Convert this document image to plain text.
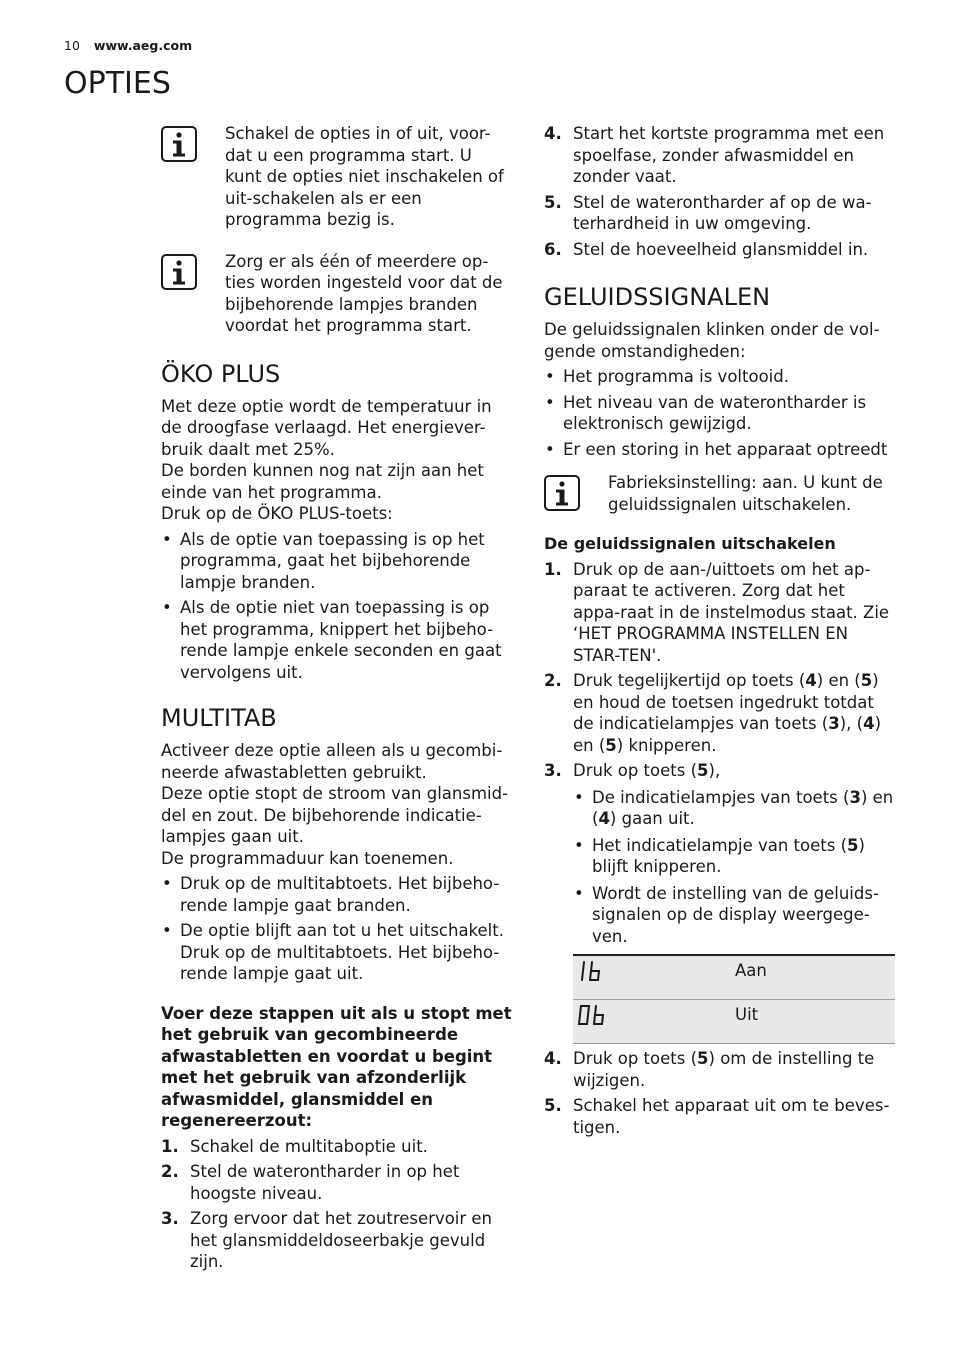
10 www.aeg.com
OPTIES

Schakel de opties in of uit, voor-dat u een programma start. U kunt de opties niet inschakelen of uit-schakelen als er een programma bezig is.

Zorg er als één of meerdere op-ties worden ingesteld voor dat de bijbehorende lampjes branden voordat het programma start.

ÖKO PLUS

Met deze optie wordt de temperatuur in de droogfase verlaagd. Het energiever-bruik daalt met 25%.

De borden kunnen nog nat zijn aan het einde van het programma.

Druk op de ÖKO PLUS-toets:

• Als de optie van toepassing is op het programma, gaat het bijbehorende lampje branden.
• Als de optie niet van toepassing is op het programma, knippert het bijbeho-rende lampje enkele seconden en gaat vervolgens uit.
MULTITAB

Activeer deze optie alleen als u gecombi-neerde afwastabletten gebruikt.

Deze optie stopt de stroom van glansmid-del en zout. De bijbehorende indicatie-lampjes gaan uit.

De programmaduur kan toenemen.

• Druk op de multitabtoets. Het bijbeho-rende lampje gaat branden.
• De optie blijft aan tot u het uitschakelt. Druk op de multitabtoets. Het bijbeho-rende lampje gaat uit.

Voer deze stappen uit als u stopt met het gebruik van gecombineerde afwastabletten en voordat u begint met het gebruik van afzonderlijk afwasmiddel, glansmiddel en regenereerzout:

1. Schakel de multitaboptie uit.
2. Stel de waterontharder in op het hoogste niveau.
3. Zorg ervoor dat het zoutreservoir en het glansmiddeldoseerbakje gevuld zijn.
4. Start het kortste programma met een spoelfase, zonder afwasmiddel en zonder vaat.
5. Stel de waterontharder af op de wa-terhardheid in uw omgeving.
6. Stel de hoeveelheid glansmiddel in.
GELUIDSSIGNALEN

De geluidssignalen klinken onder de vol-gende omstandigheden:

• Het programma is voltooid.
• Het niveau van de waterontharder is elektronisch gewijzigd.
• Er een storing in het apparaat optreedt

Fabrieksinstelling: aan. U kunt de geluidssignalen uitschakelen.

De geluidssignalen uitschakelen

1. Druk op de aan-/uittoets om het ap-paraat te activeren. Zorg dat het appa-raat in de instelmodus staat. Zie ‘HET PROGRAMMA INSTELLEN EN STAR-TEN'.
2. Druk tegelijkertijd op toets (4) en (5) en houd de toetsen ingedrukt totdat de indicatielampjes van toets (3), (4) en (5) knipperen.
3. Druk op toets (5),
• De indicatielampjes van toets (3) en (4) gaan uit.
• Het indicatielampje van toets (5) blijft knipperen.
• Wordt de instelling van de geluids-signalen op de display weergege-ven.
	Aan

	Uit
4. Druk op toets (5) om de instelling te wijzigen.
5. Schakel het apparaat uit om te beves-tigen.
